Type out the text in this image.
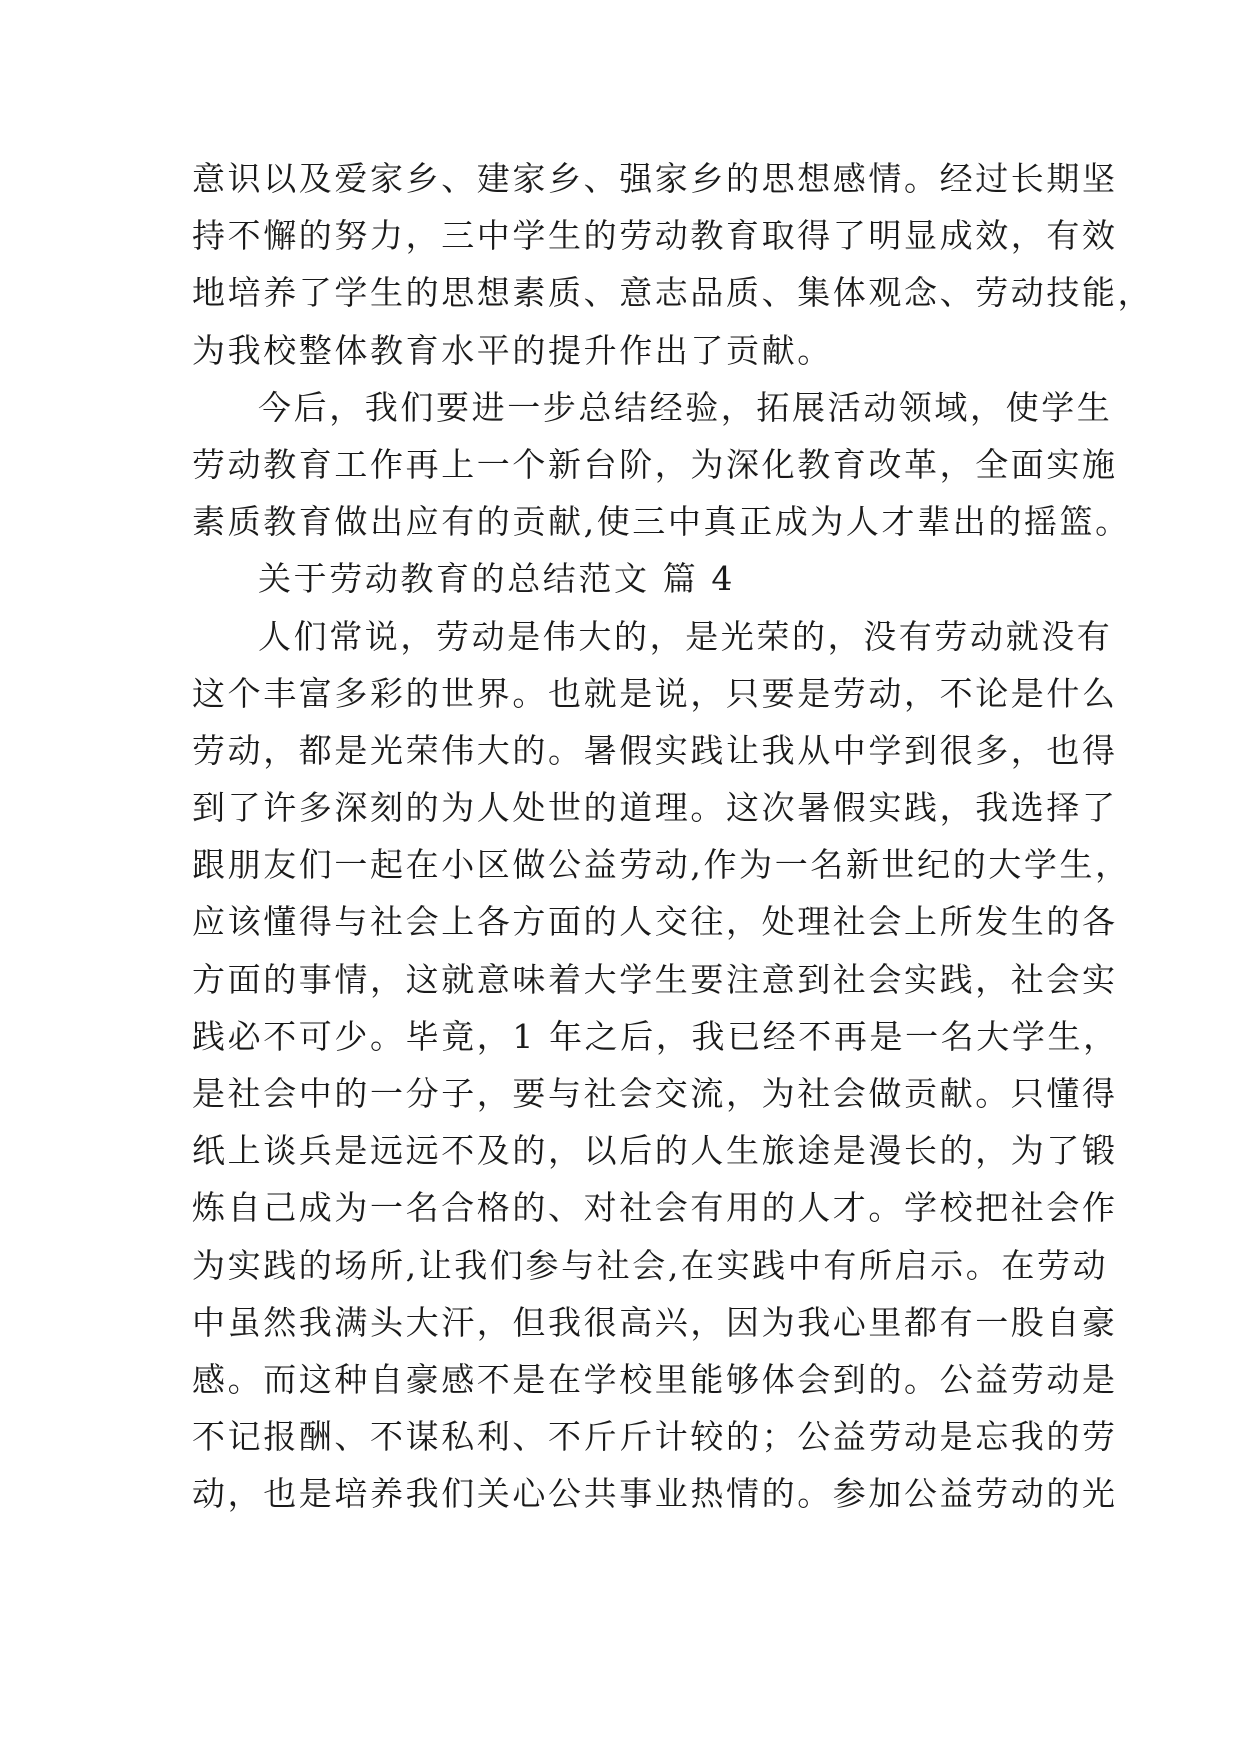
意识以及爱家乡、建家乡、强家乡的思想感情。经过长期坚
持不懈的努力，三中学生的劳动教育取得了明显成效，有效
地培养了学生的思想素质、意志品质、集体观念、劳动技能，
为我校整体教育水平的提升作出了贡献。
今后，我们要进一步总结经验，拓展活动领域，使学生
劳动教育工作再上一个新台阶，为深化教育改革，全面实施
素质教育做出应有的贡献,使三中真正成为人才辈出的摇篮。
关于劳动教育的总结范文 篇 4
人们常说，劳动是伟大的，是光荣的，没有劳动就没有
这个丰富多彩的世界。也就是说，只要是劳动，不论是什么
劳动，都是光荣伟大的。暑假实践让我从中学到很多，也得
到了许多深刻的为人处世的道理。这次暑假实践，我选择了
跟朋友们一起在小区做公益劳动,作为一名新世纪的大学生，
应该懂得与社会上各方面的人交往，处理社会上所发生的各
方面的事情，这就意味着大学生要注意到社会实践，社会实
践必不可少。毕竟，1 年之后，我已经不再是一名大学生，
是社会中的一分子，要与社会交流，为社会做贡献。只懂得
纸上谈兵是远远不及的，以后的人生旅途是漫长的，为了锻
炼自己成为一名合格的、对社会有用的人才。学校把社会作
为实践的场所,让我们参与社会,在实践中有所启示。在劳动
中虽然我满头大汗，但我很高兴，因为我心里都有一股自豪
感。而这种自豪感不是在学校里能够体会到的。公益劳动是
不记报酬、不谋私利、不斤斤计较的；公益劳动是忘我的劳
动，也是培养我们关心公共事业热情的。参加公益劳动的光
